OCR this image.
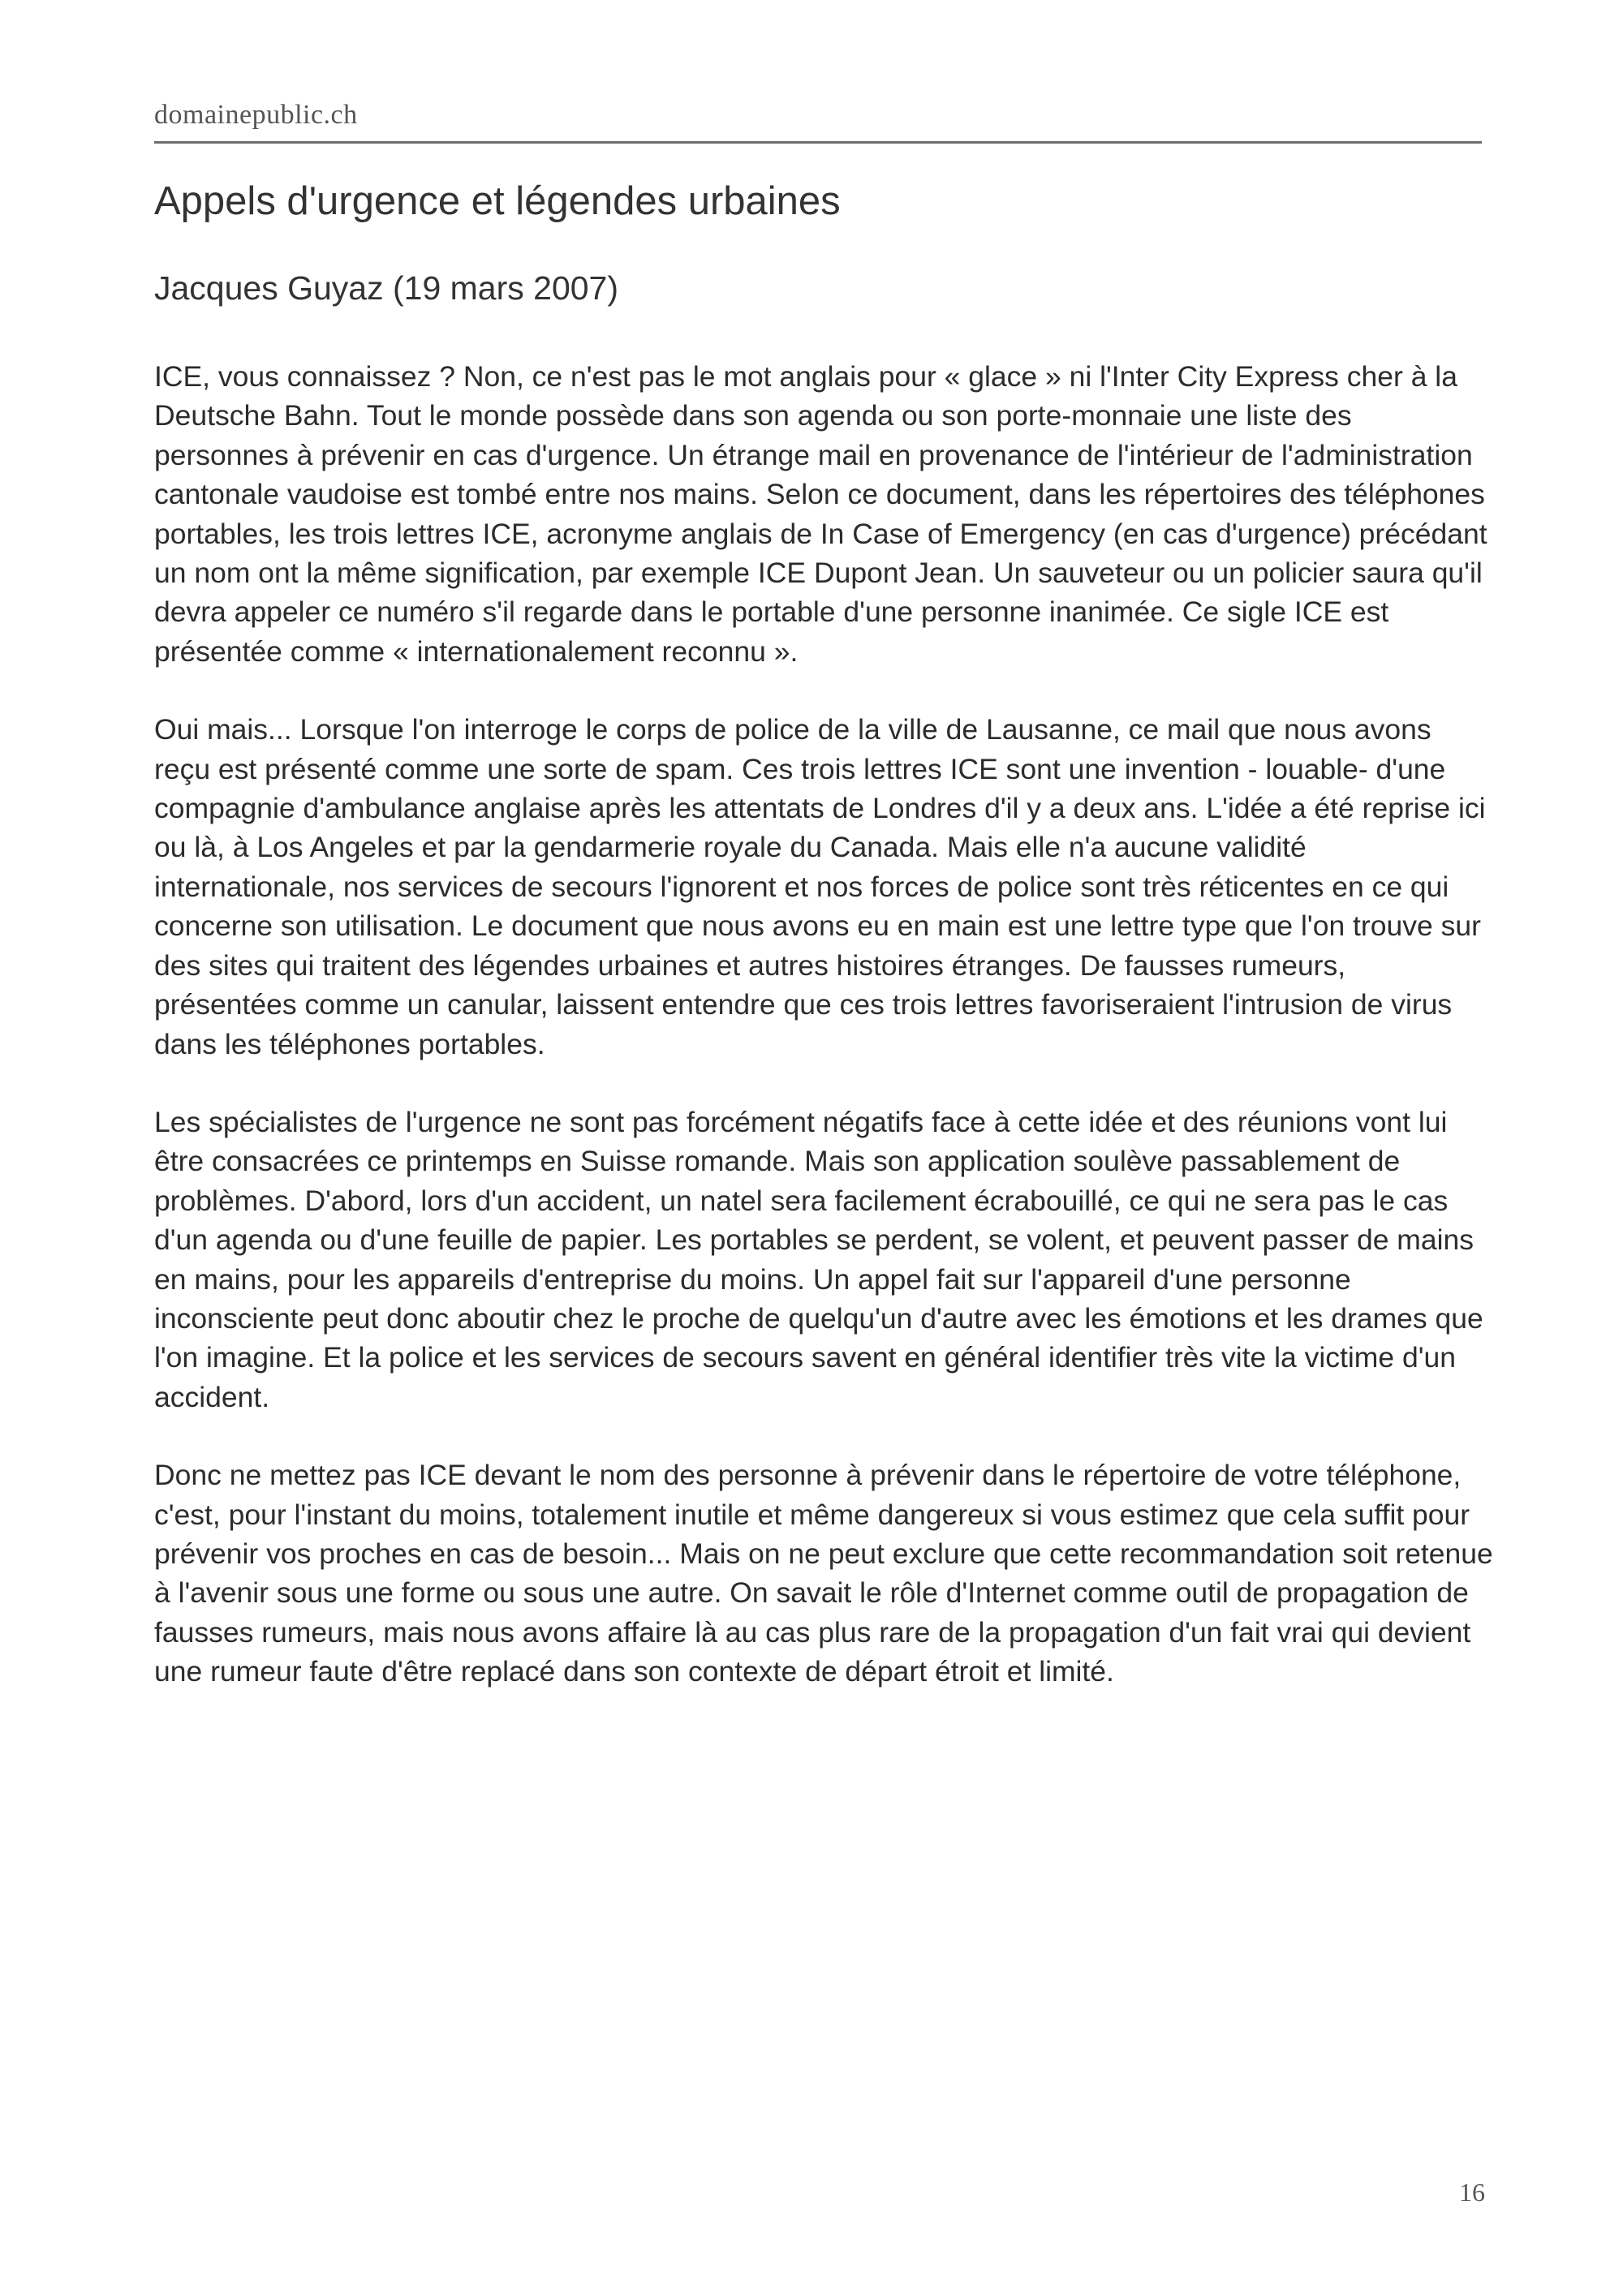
domainepublic.ch
Appels d'urgence et légendes urbaines
Jacques Guyaz (19 mars 2007)

ICE, vous connaissez ? Non, ce n'est pas le mot anglais pour « glace » ni l'Inter City Express cher à la Deutsche Bahn. Tout le monde possède dans son agenda ou son porte-monnaie une liste des personnes à prévenir en cas d'urgence. Un étrange mail en provenance de l'intérieur de l'administration cantonale vaudoise est tombé entre nos mains. Selon ce document, dans les répertoires des téléphones portables, les trois lettres ICE, acronyme anglais de In Case of Emergency (en cas d'urgence) précédant un nom ont la même signification, par exemple ICE Dupont Jean. Un sauveteur ou un policier saura qu'il devra appeler ce numéro s'il regarde dans le portable d'une personne inanimée. Ce sigle ICE est présentée comme « internationalement reconnu ».

Oui mais... Lorsque l'on interroge le corps de police de la ville de Lausanne, ce mail que nous avons reçu est présenté comme une sorte de spam. Ces trois lettres ICE sont une invention - louable- d'une compagnie d'ambulance anglaise après les attentats de Londres d'il y a deux ans. L'idée a été reprise ici ou là, à Los Angeles et par la gendarmerie royale du Canada. Mais elle n'a aucune validité internationale, nos services de secours l'ignorent et nos forces de police sont très réticentes en ce qui concerne son utilisation. Le document que nous avons eu en main est une lettre type que l'on trouve sur des sites qui traitent des légendes urbaines et autres histoires étranges. De fausses rumeurs, présentées comme un canular, laissent entendre que ces trois lettres favoriseraient l'intrusion de virus dans les téléphones portables.

Les spécialistes de l'urgence ne sont pas forcément négatifs face à cette idée et des réunions vont lui être consacrées ce printemps en Suisse romande. Mais son application soulève passablement de problèmes. D'abord, lors d'un accident, un natel sera facilement écrabouillé, ce qui ne sera pas le cas d'un agenda ou d'une feuille de papier. Les portables se perdent, se volent, et peuvent passer de mains en mains, pour les appareils d'entreprise du moins. Un appel fait sur l'appareil d'une personne inconsciente peut donc aboutir chez le proche de quelqu'un d'autre avec les émotions et les drames que l'on imagine. Et la police et les services de secours savent en général identifier très vite la victime d'un accident.

Donc ne mettez pas ICE devant le nom des personne à prévenir dans le répertoire de votre téléphone, c'est, pour l'instant du moins, totalement inutile et même dangereux si vous estimez que cela suffit pour prévenir vos proches en cas de besoin... Mais on ne peut exclure que cette recommandation soit retenue à l'avenir sous une forme ou sous une autre. On savait le rôle d'Internet comme outil de propagation de fausses rumeurs, mais nous avons affaire là au cas plus rare de la propagation d'un fait vrai qui devient une rumeur faute d'être replacé dans son contexte de départ étroit et limité.

16
